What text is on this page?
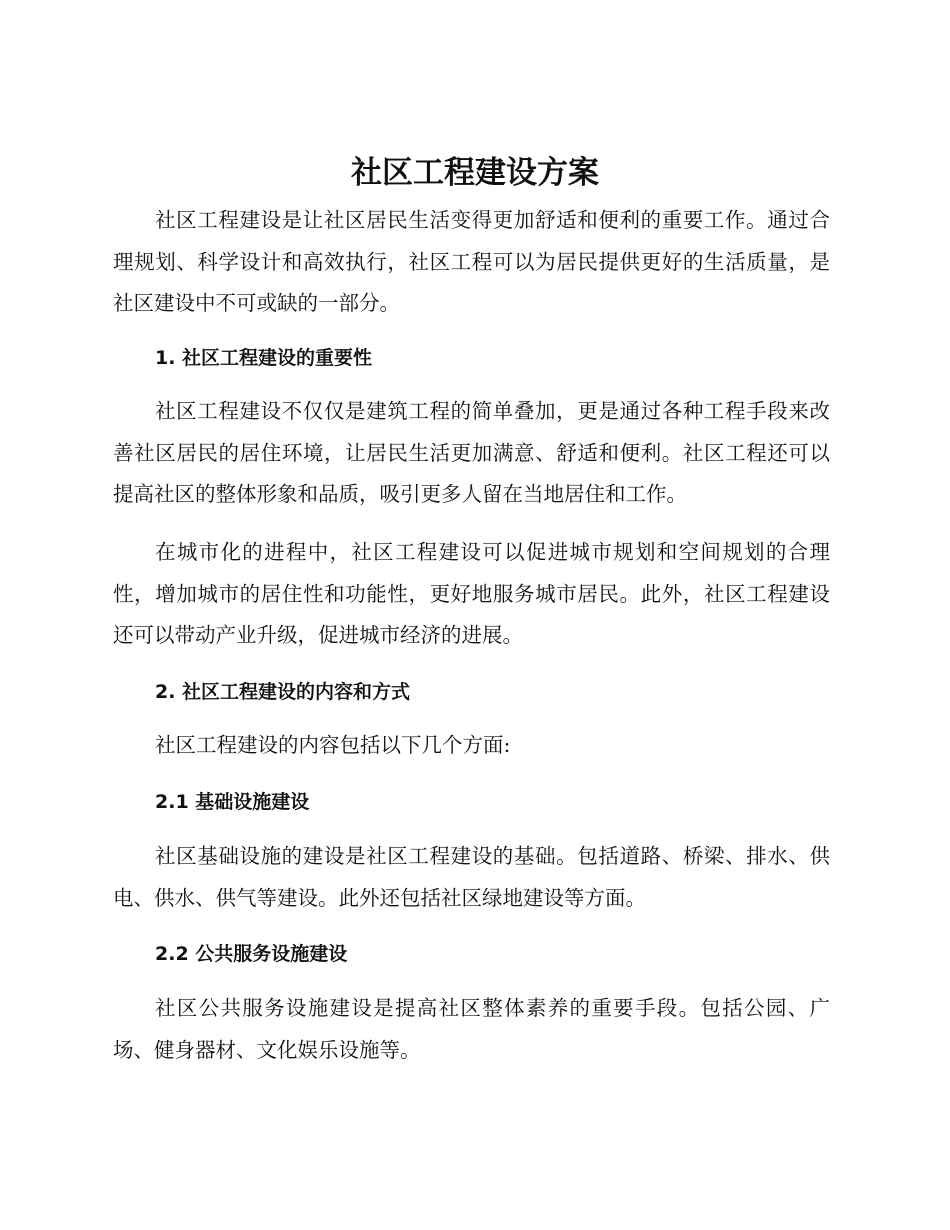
社区工程建设方案

社区工程建设是让社区居民生活变得更加舒适和便利的重要工作。通过合理规划、科学设计和高效执行，社区工程可以为居民提供更好的生活质量，是社区建设中不可或缺的一部分。

1. 社区工程建设的重要性

社区工程建设不仅仅是建筑工程的简单叠加，更是通过各种工程手段来改善社区居民的居住环境，让居民生活更加满意、舒适和便利。社区工程还可以提高社区的整体形象和品质，吸引更多人留在当地居住和工作。

在城市化的进程中，社区工程建设可以促进城市规划和空间规划的合理性，增加城市的居住性和功能性，更好地服务城市居民。此外，社区工程建设还可以带动产业升级，促进城市经济的进展。

2. 社区工程建设的内容和方式

社区工程建设的内容包括以下几个方面:

2.1 基础设施建设

社区基础设施的建设是社区工程建设的基础。包括道路、桥梁、排水、供电、供水、供气等建设。此外还包括社区绿地建设等方面。

2.2 公共服务设施建设

社区公共服务设施建设是提高社区整体素养的重要手段。包括公园、广场、健身器材、文化娱乐设施等。
